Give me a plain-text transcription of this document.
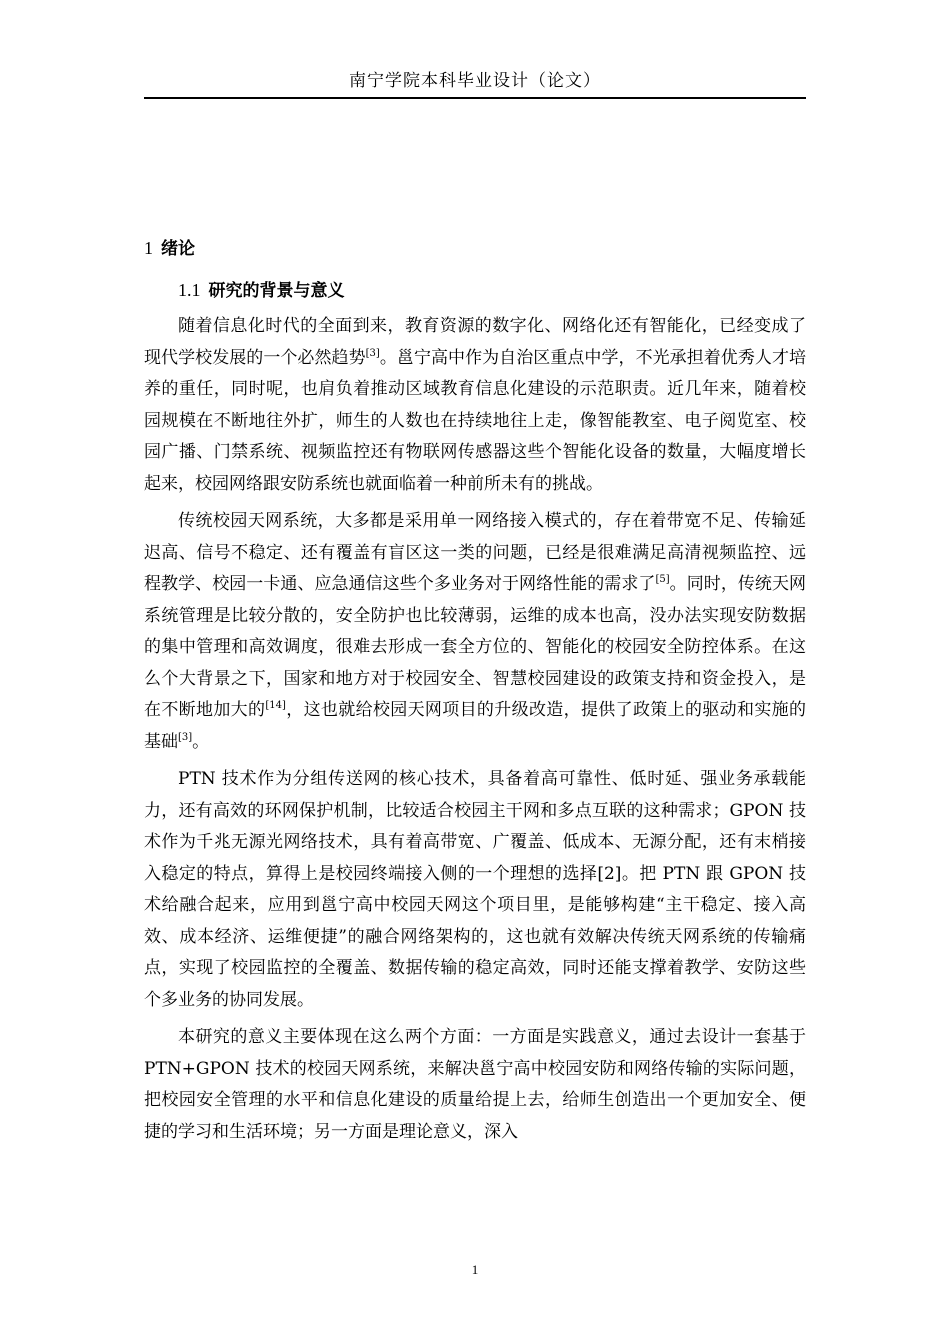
南宁学院本科毕业设计（论文）
1 绪论
1.1 研究的背景与意义

随着信息化时代的全面到来，教育资源的数字化、网络化还有智能化，已经变成了现代学校发展的一个必然趋势[3]。邕宁高中作为自治区重点中学，不光承担着优秀人才培养的重任，同时呢，也肩负着推动区域教育信息化建设的示范职责。近几年来，随着校园规模在不断地往外扩，师生的人数也在持续地往上走，像智能教室、电子阅览室、校园广播、门禁系统、视频监控还有物联网传感器这些个智能化设备的数量，大幅度增长起来，校园网络跟安防系统也就面临着一种前所未有的挑战。

传统校园天网系统，大多都是采用单一网络接入模式的，存在着带宽不足、传输延迟高、信号不稳定、还有覆盖有盲区这一类的问题，已经是很难满足高清视频监控、远程教学、校园一卡通、应急通信这些个多业务对于网络性能的需求了[5]。同时，传统天网系统管理是比较分散的，安全防护也比较薄弱，运维的成本也高，没办法实现安防数据的集中管理和高效调度，很难去形成一套全方位的、智能化的校园安全防控体系。在这么个大背景之下，国家和地方对于校园安全、智慧校园建设的政策支持和资金投入，是在不断地加大的[14]，这也就给校园天网项目的升级改造，提供了政策上的驱动和实施的基础[3]。

PTN 技术作为分组传送网的核心技术，具备着高可靠性、低时延、强业务承载能力，还有高效的环网保护机制，比较适合校园主干网和多点互联的这种需求；GPON 技术作为千兆无源光网络技术，具有着高带宽、广覆盖、低成本、无源分配，还有末梢接入稳定的特点，算得上是校园终端接入侧的一个理想的选择[2]。把 PTN 跟 GPON 技术给融合起来，应用到邕宁高中校园天网这个项目里，是能够构建“主干稳定、接入高效、成本经济、运维便捷”的融合网络架构的，这也就有效解决传统天网系统的传输痛点，实现了校园监控的全覆盖、数据传输的稳定高效，同时还能支撑着教学、安防这些个多业务的协同发展。

本研究的意义主要体现在这么两个方面：一方面是实践意义，通过去设计一套基于 PTN+GPON 技术的校园天网系统，来解决邕宁高中校园安防和网络传输的实际问题，把校园安全管理的水平和信息化建设的质量给提上去，给师生创造出一个更加安全、便捷的学习和生活环境；另一方面是理论意义，深入

1
